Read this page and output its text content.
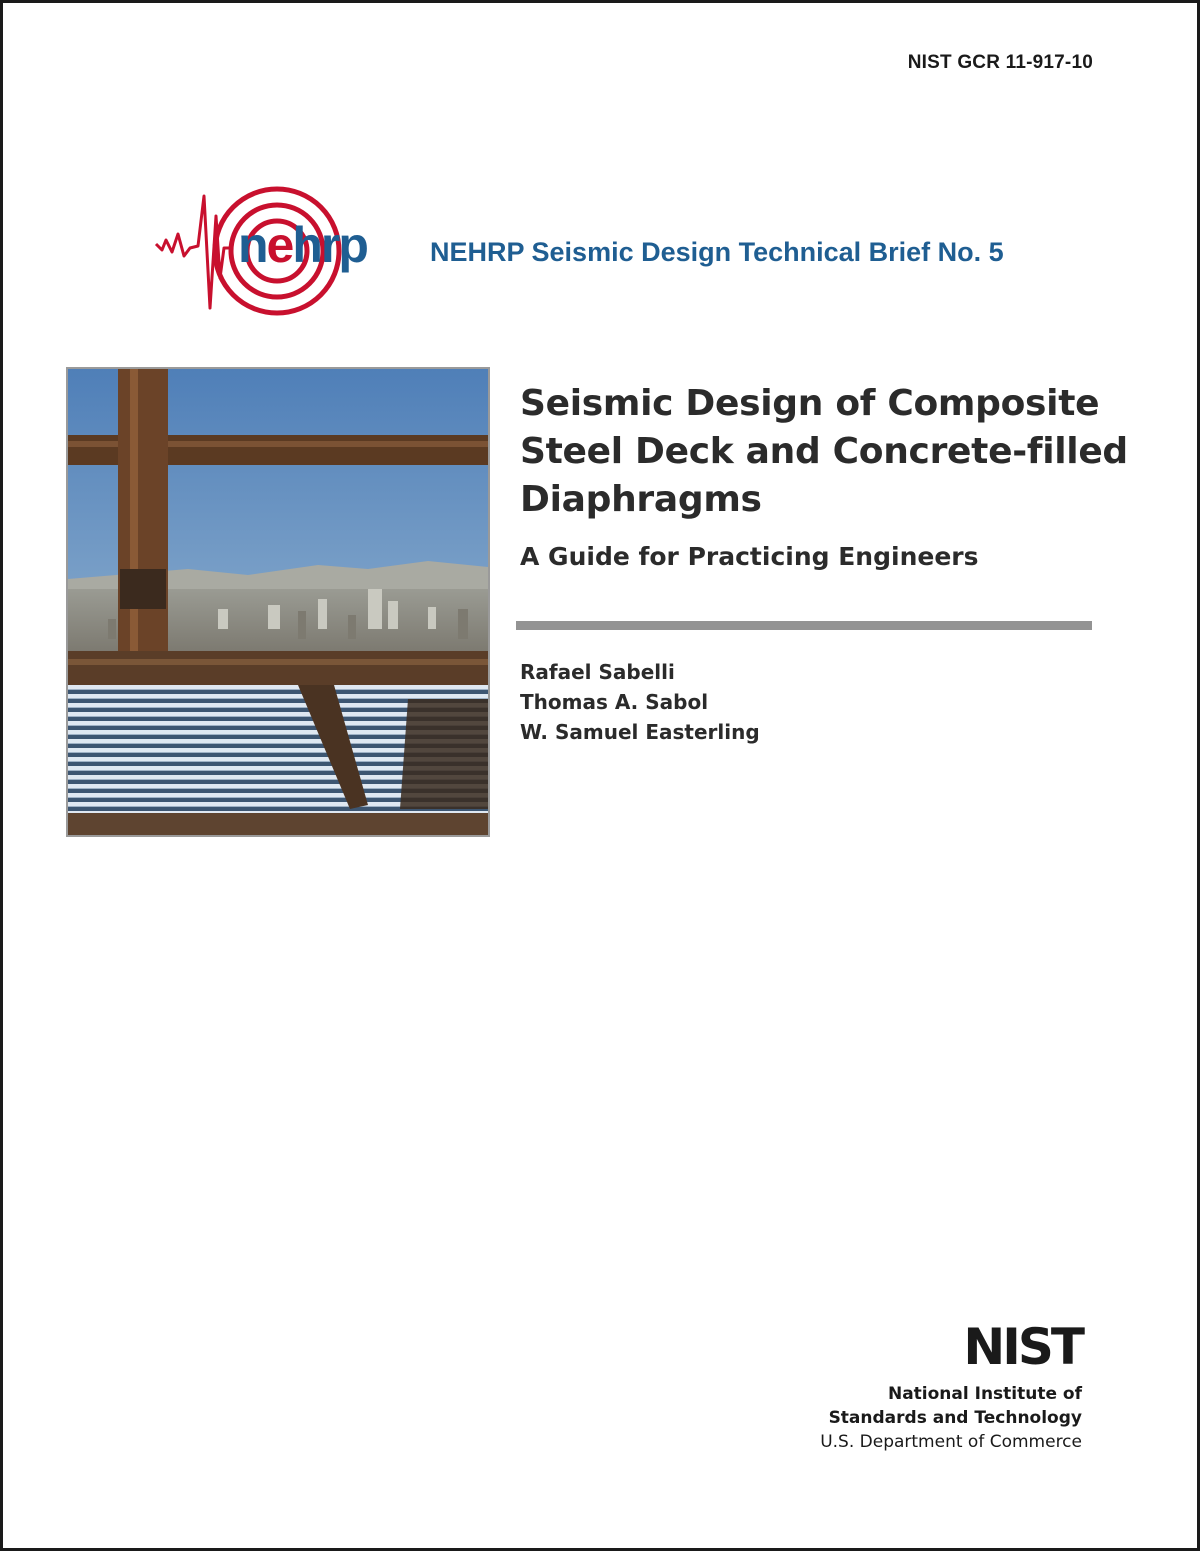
NIST GCR 11-917-10
nehrp NEHRP Seismic Design Technical Brief No. 5
Seismic Design of Composite
Steel Deck and Concrete-filled
Diaphragms
A Guide for Practicing Engineers
Rafael Sabelli
Thomas A. Sabol
W. Samuel Easterling
NIST
National Institute of
Standards and Technology
U.S. Department of Commerce
